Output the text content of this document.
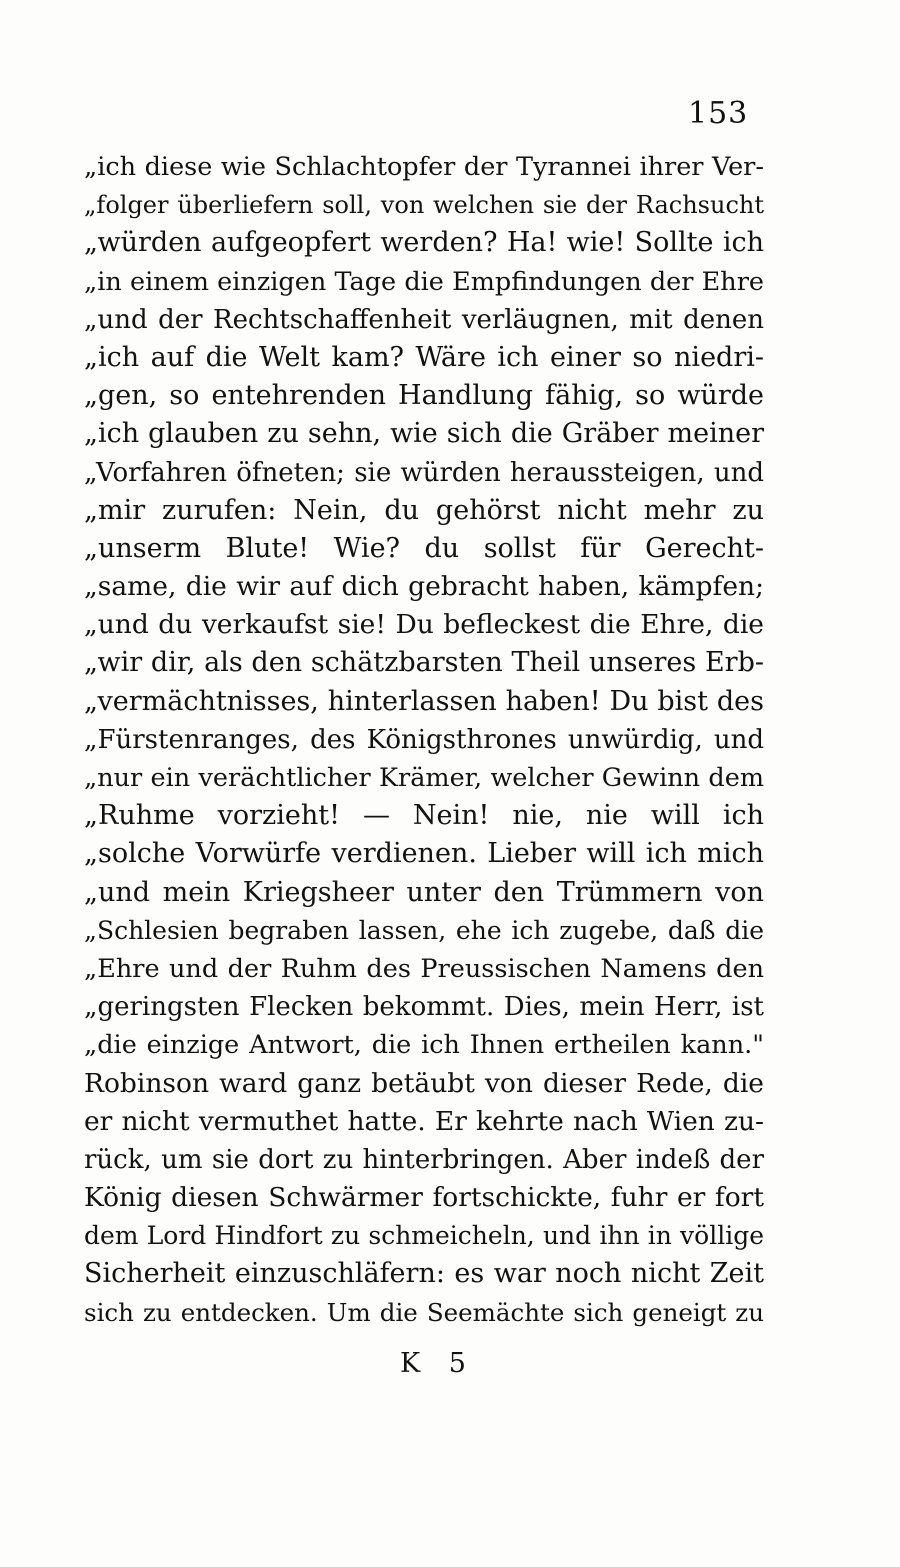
153
„ich diese wie Schlachtopfer der Tyrannei ihrer Ver-
„folger überliefern soll, von welchen sie der Rachsucht
„würden aufgeopfert werden? Ha! wie! Sollte ich
„in einem einzigen Tage die Empfindungen der Ehre
„und der Rechtschaffenheit verläugnen, mit denen
„ich auf die Welt kam? Wäre ich einer so niedri-
„gen, so entehrenden Handlung fähig, so würde
„ich glauben zu sehn, wie sich die Gräber meiner
„Vorfahren öfneten; sie würden heraussteigen, und
„mir zurufen: Nein, du gehörst nicht mehr zu
„unserm Blute! Wie? du sollst für Gerecht-
„same, die wir auf dich gebracht haben, kämpfen;
„und du verkaufst sie! Du befleckest die Ehre, die
„wir dir, als den schätzbarsten Theil unseres Erb-
„vermächtnisses, hinterlassen haben! Du bist des
„Fürstenranges, des Königsthrones unwürdig, und
„nur ein verächtlicher Krämer, welcher Gewinn dem
„Ruhme vorzieht! — Nein! nie, nie will ich
„solche Vorwürfe verdienen. Lieber will ich mich
„und mein Kriegsheer unter den Trümmern von
„Schlesien begraben lassen, ehe ich zugebe, daß die
„Ehre und der Ruhm des Preussischen Namens den
„geringsten Flecken bekommt. Dies, mein Herr, ist
„die einzige Antwort, die ich Ihnen ertheilen kann."
Robinson ward ganz betäubt von dieser Rede, die
er nicht vermuthet hatte. Er kehrte nach Wien zu-
rück, um sie dort zu hinterbringen. Aber indeß der
König diesen Schwärmer fortschickte, fuhr er fort
dem Lord Hindfort zu schmeicheln, und ihn in völlige
Sicherheit einzuschläfern: es war noch nicht Zeit
sich zu entdecken. Um die Seemächte sich geneigt zu
K 5
